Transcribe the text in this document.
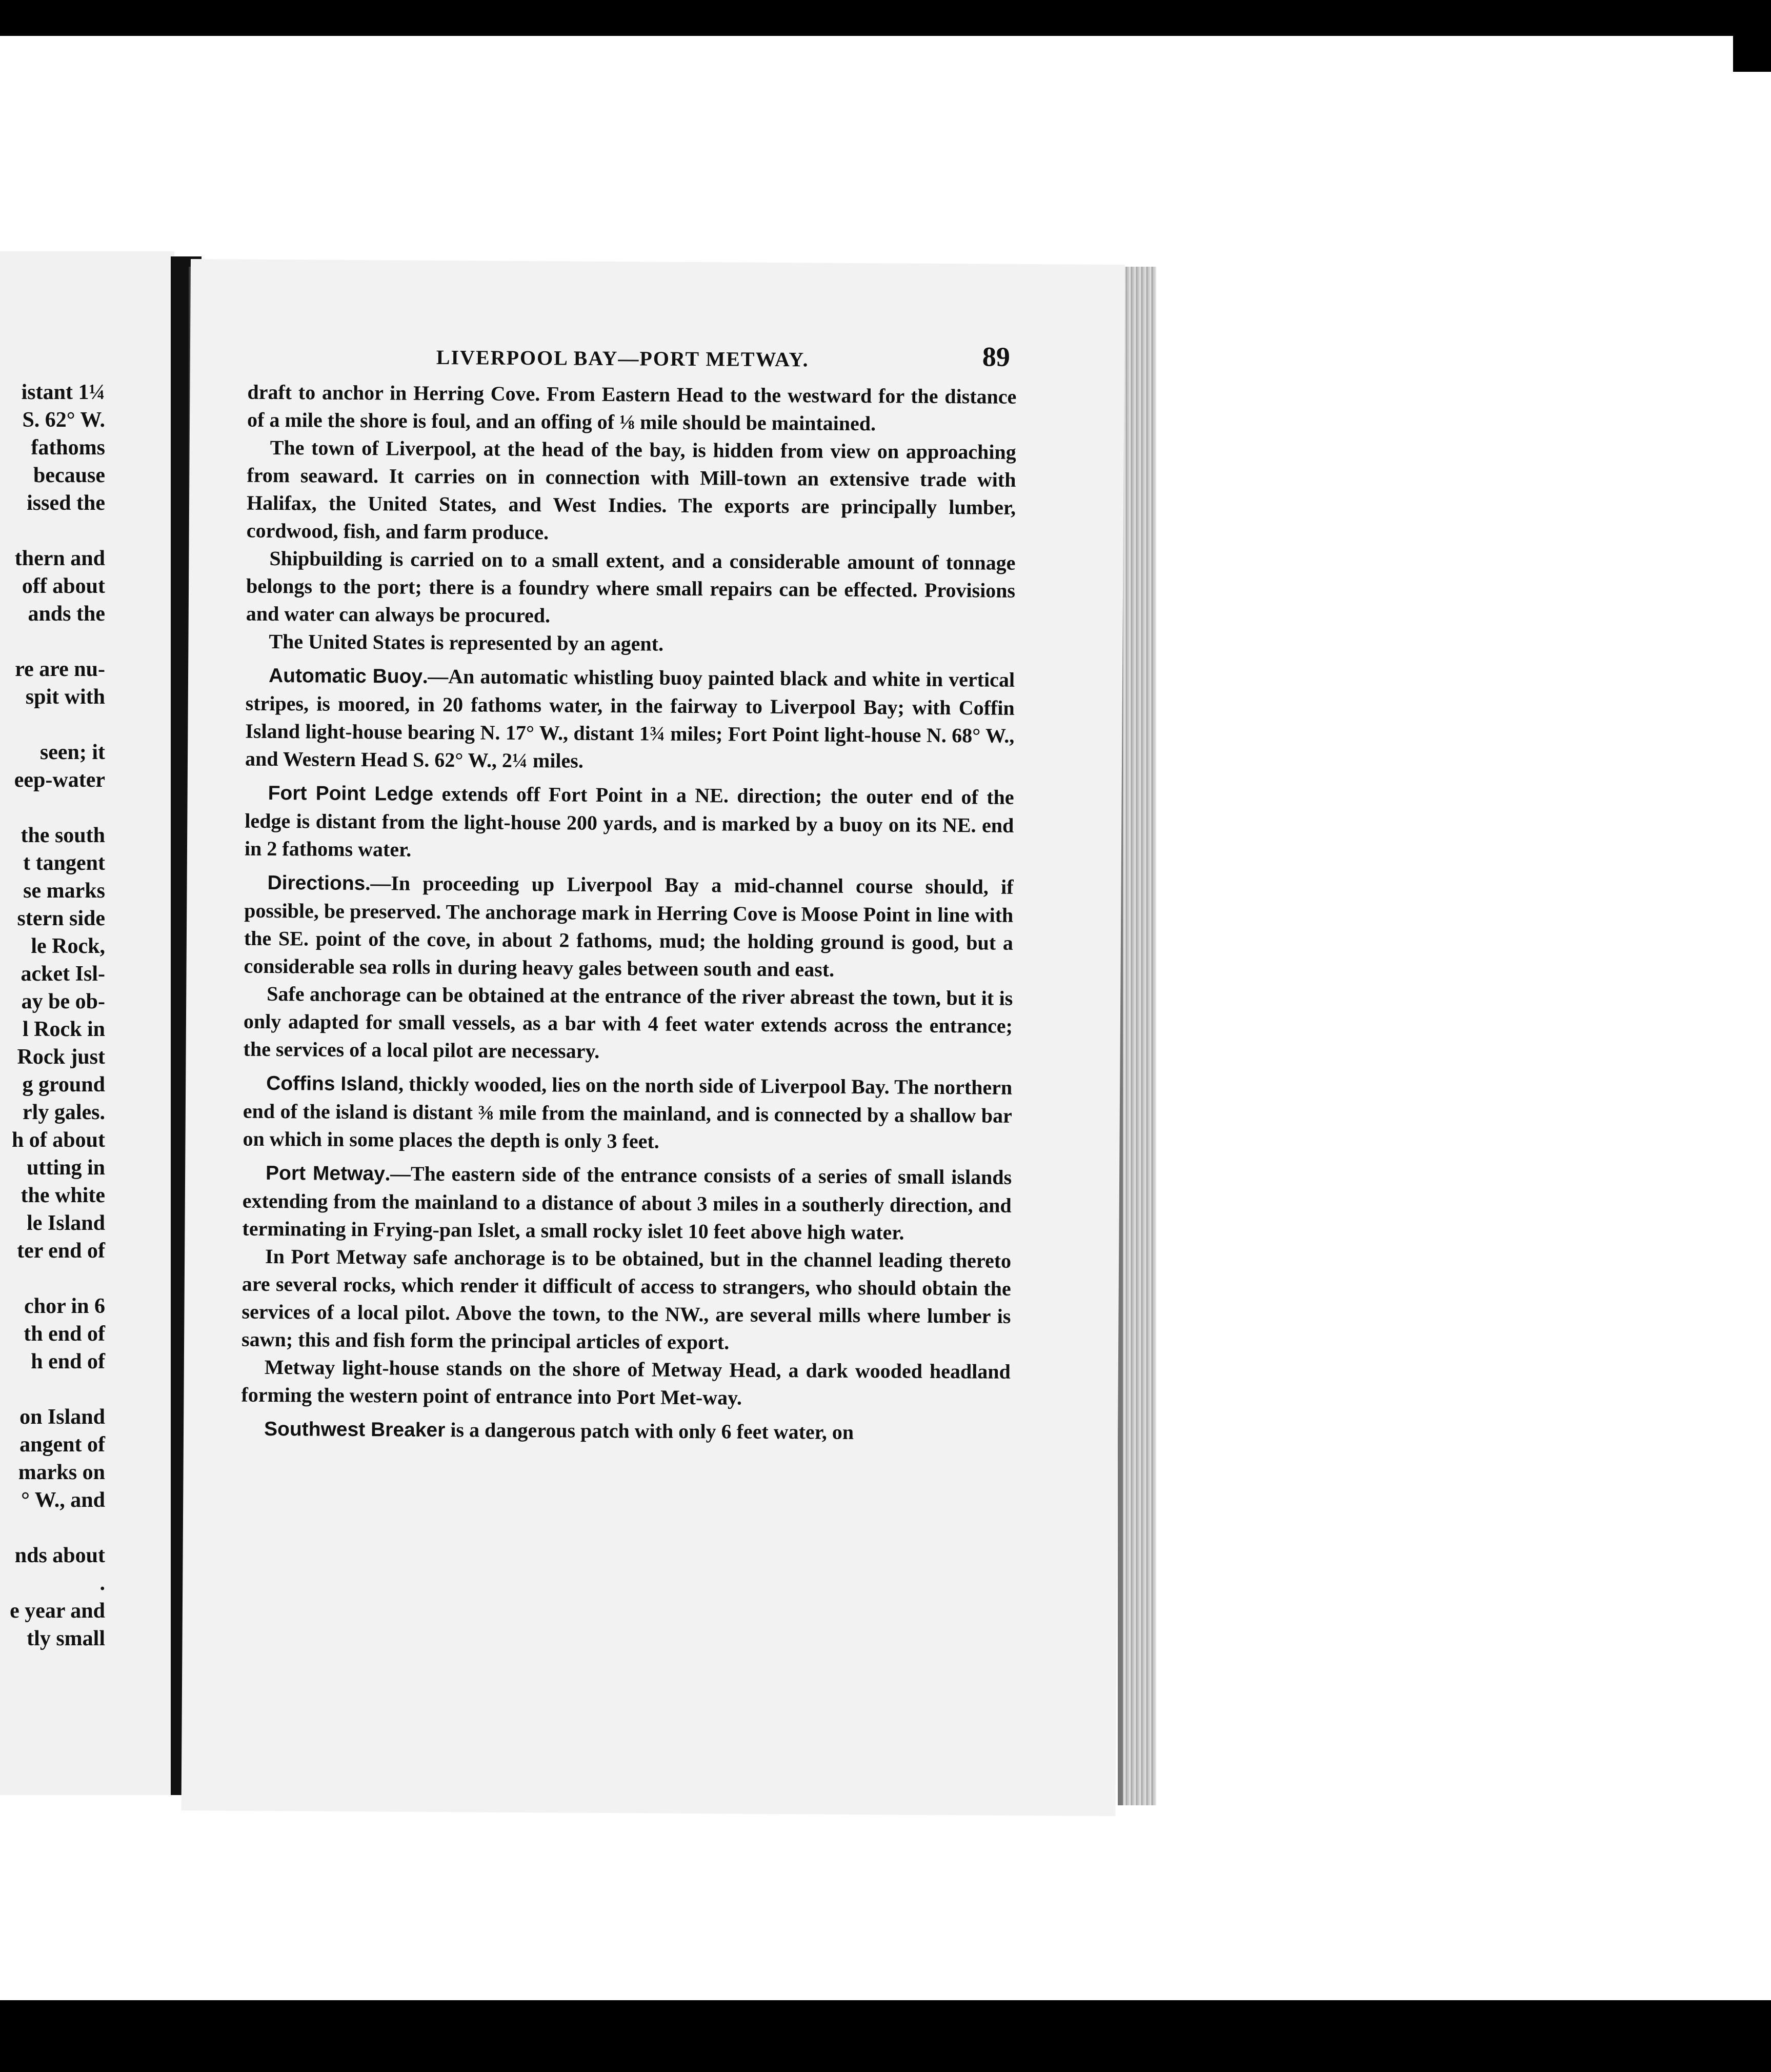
istant 1¼
S. 62° W.
fathoms
because
issed the
thern and
off about
ands the
re are nu-
spit with
seen; it
eep-water
the south
t tangent
se marks
stern side
le Rock,
acket Isl-
ay be ob-
l Rock in
Rock just
g ground
rly gales.
h of about
utting in
the white
le Island
ter end of
chor in 6
th end of
h end of
on Island
angent of
marks on
° W., and
nds about
.
e year and
tly small
LIVERPOOL BAY—PORT METWAY.	89

draft to anchor in Herring Cove. From Eastern Head to the westward for the distance of a mile the shore is foul, and an offing of ⅛ mile should be maintained.

The town of Liverpool, at the head of the bay, is hidden from view on approaching from seaward. It carries on in connection with Mill-town an extensive trade with Halifax, the United States, and West Indies. The exports are principally lumber, cordwood, fish, and farm produce.

Shipbuilding is carried on to a small extent, and a considerable amount of tonnage belongs to the port; there is a foundry where small repairs can be effected. Provisions and water can always be procured.

The United States is represented by an agent.

Automatic Buoy.—An automatic whistling buoy painted black and white in vertical stripes, is moored, in 20 fathoms water, in the fairway to Liverpool Bay; with Coffin Island light-house bearing N. 17° W., distant 1¾ miles; Fort Point light-house N. 68° W., and Western Head S. 62° W., 2¼ miles.

Fort Point Ledge extends off Fort Point in a NE. direction; the outer end of the ledge is distant from the light-house 200 yards, and is marked by a buoy on its NE. end in 2 fathoms water.

Directions.—In proceeding up Liverpool Bay a mid-channel course should, if possible, be preserved. The anchorage mark in Herring Cove is Moose Point in line with the SE. point of the cove, in about 2 fathoms, mud; the holding ground is good, but a considerable sea rolls in during heavy gales between south and east.

Safe anchorage can be obtained at the entrance of the river abreast the town, but it is only adapted for small vessels, as a bar with 4 feet water extends across the entrance; the services of a local pilot are necessary.

Coffins Island, thickly wooded, lies on the north side of Liverpool Bay. The northern end of the island is distant ⅜ mile from the mainland, and is connected by a shallow bar on which in some places the depth is only 3 feet.

Port Metway.—The eastern side of the entrance consists of a series of small islands extending from the mainland to a distance of about 3 miles in a southerly direction, and terminating in Frying-pan Islet, a small rocky islet 10 feet above high water.

In Port Metway safe anchorage is to be obtained, but in the channel leading thereto are several rocks, which render it difficult of access to strangers, who should obtain the services of a local pilot. Above the town, to the NW., are several mills where lumber is sawn; this and fish form the principal articles of export.

Metway light-house stands on the shore of Metway Head, a dark wooded headland forming the western point of entrance into Port Met-way.

Southwest Breaker is a dangerous patch with only 6 feet water, on
